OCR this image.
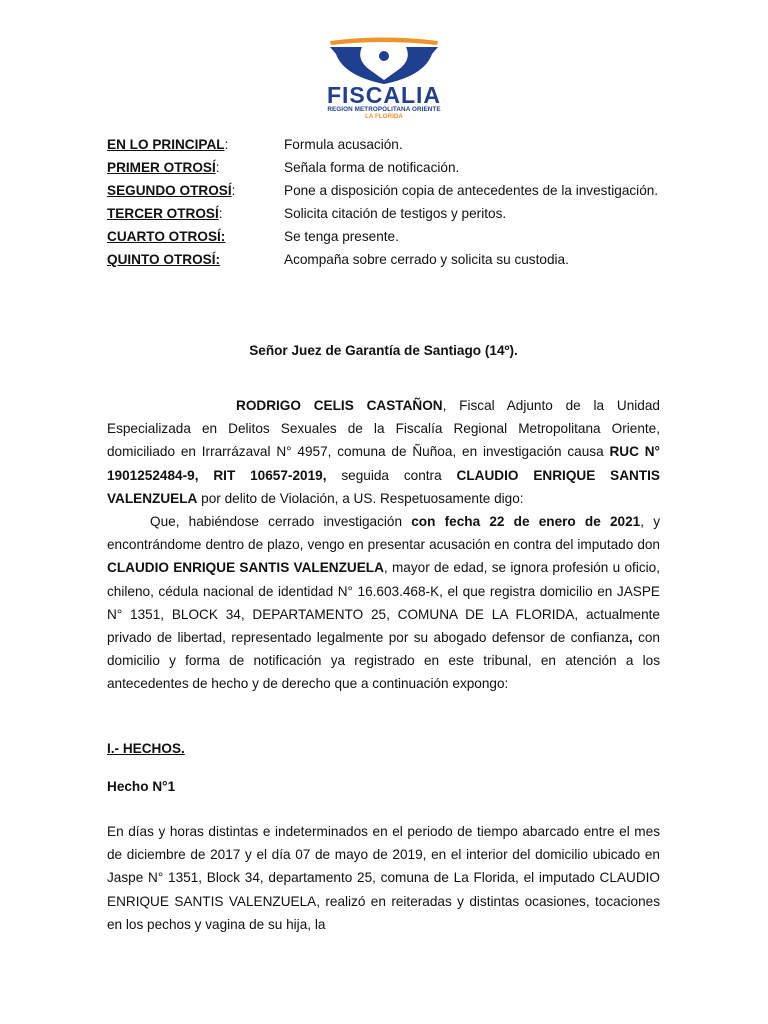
FISCALIA
REGION METROPOLITANA ORIENTE
LA FLORIDA
EN LO PRINCIPAL:	Formula acusación.
PRIMER OTROSÍ:	Señala forma de notificación.
SEGUNDO OTROSÍ:	Pone a disposición copia de antecedentes de la investigación.
TERCER OTROSÍ:	Solicita citación de testigos y peritos.
CUARTO OTROSÍ:	Se tenga presente.
QUINTO OTROSÍ:	Acompaña sobre cerrado y solicita su custodia.
Señor Juez de Garantía de Santiago (14º).
RODRIGO CELIS CASTAÑON, Fiscal Adjunto de la Unidad Especializada en Delitos Sexuales de la Fiscalía Regional Metropolitana Oriente, domiciliado en Irrarrázaval N° 4957, comuna de Ñuñoa, en investigación causa RUC N° 1901252484-9, RIT 10657-2019, seguida contra CLAUDIO ENRIQUE SANTIS VALENZUELA por delito de Violación, a US. Respetuosamente digo:
Que, habiéndose cerrado investigación con fecha 22 de enero de 2021, y encontrándome dentro de plazo, vengo en presentar acusación en contra del imputado don CLAUDIO ENRIQUE SANTIS VALENZUELA, mayor de edad, se ignora profesión u oficio, chileno, cédula nacional de identidad N° 16.603.468-K, el que registra domicilio en JASPE N° 1351, BLOCK 34, DEPARTAMENTO 25, COMUNA DE LA FLORIDA, actualmente privado de libertad, representado legalmente por su abogado defensor de confianza, con domicilio y forma de notificación ya registrado en este tribunal, en atención a los antecedentes de hecho y de derecho que a continuación expongo:
I.- HECHOS.
Hecho N°1
En días y horas distintas e indeterminados en el periodo de tiempo abarcado entre el mes de diciembre de 2017 y el día 07 de mayo de 2019, en el interior del domicilio ubicado en Jaspe N° 1351, Block 34, departamento 25, comuna de La Florida, el imputado CLAUDIO ENRIQUE SANTIS VALENZUELA, realizó en reiteradas y distintas ocasiones, tocaciones en los pechos y vagina de su hija, la
